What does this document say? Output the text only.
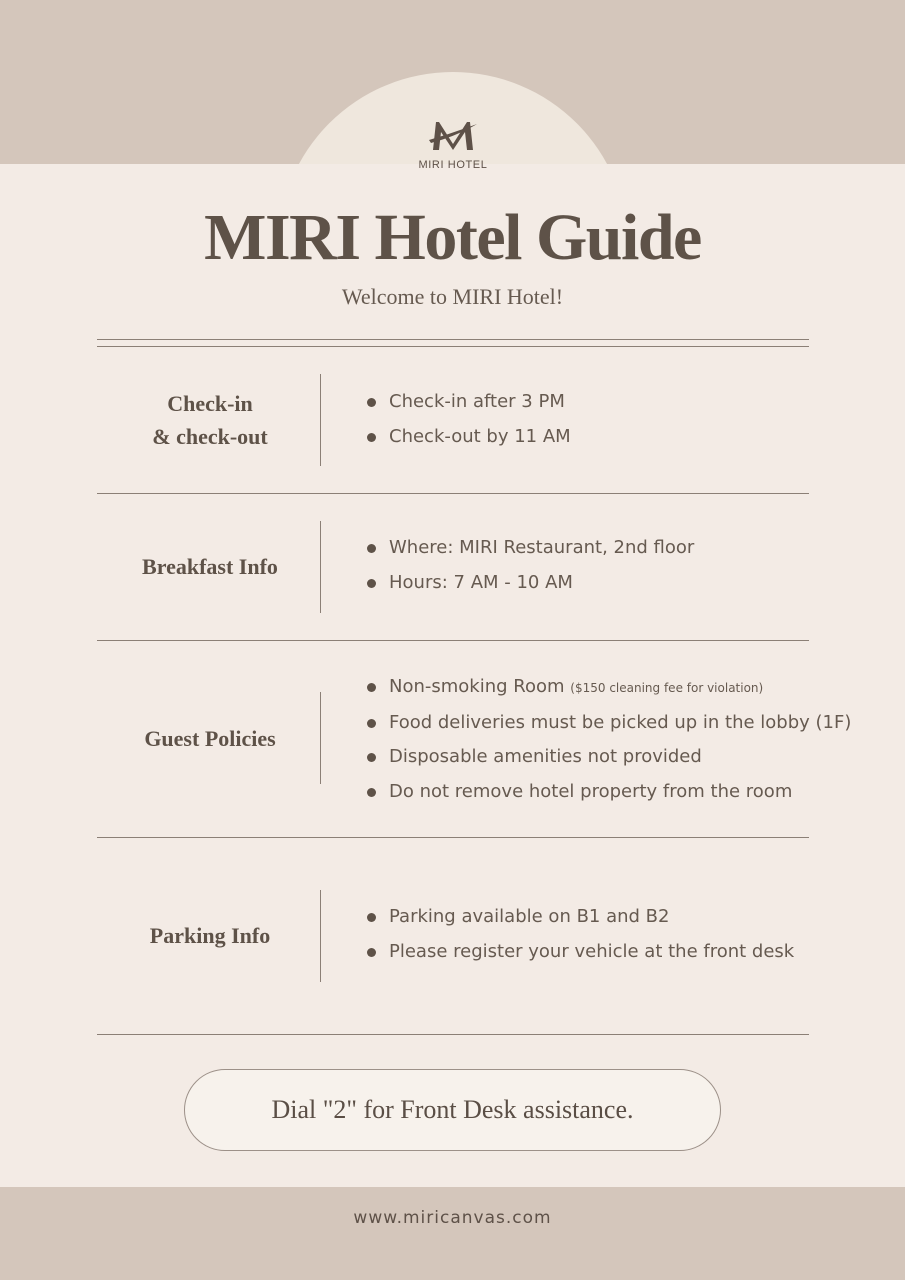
MIRI HOTEL
MIRI Hotel Guide
Welcome to MIRI Hotel!
Check-in
& check-out
Check-in after 3 PM
Check-out by 11 AM
Breakfast Info
Where: MIRI Restaurant, 2nd floor
Hours: 7 AM - 10 AM
Guest Policies
Non-smoking Room ($150 cleaning fee for violation)
Food deliveries must be picked up in the lobby (1F)
Disposable amenities not provided
Do not remove hotel property from the room
Parking Info
Parking available on B1 and B2
Please register your vehicle at the front desk
Dial "2" for Front Desk assistance.
www.miricanvas.com
